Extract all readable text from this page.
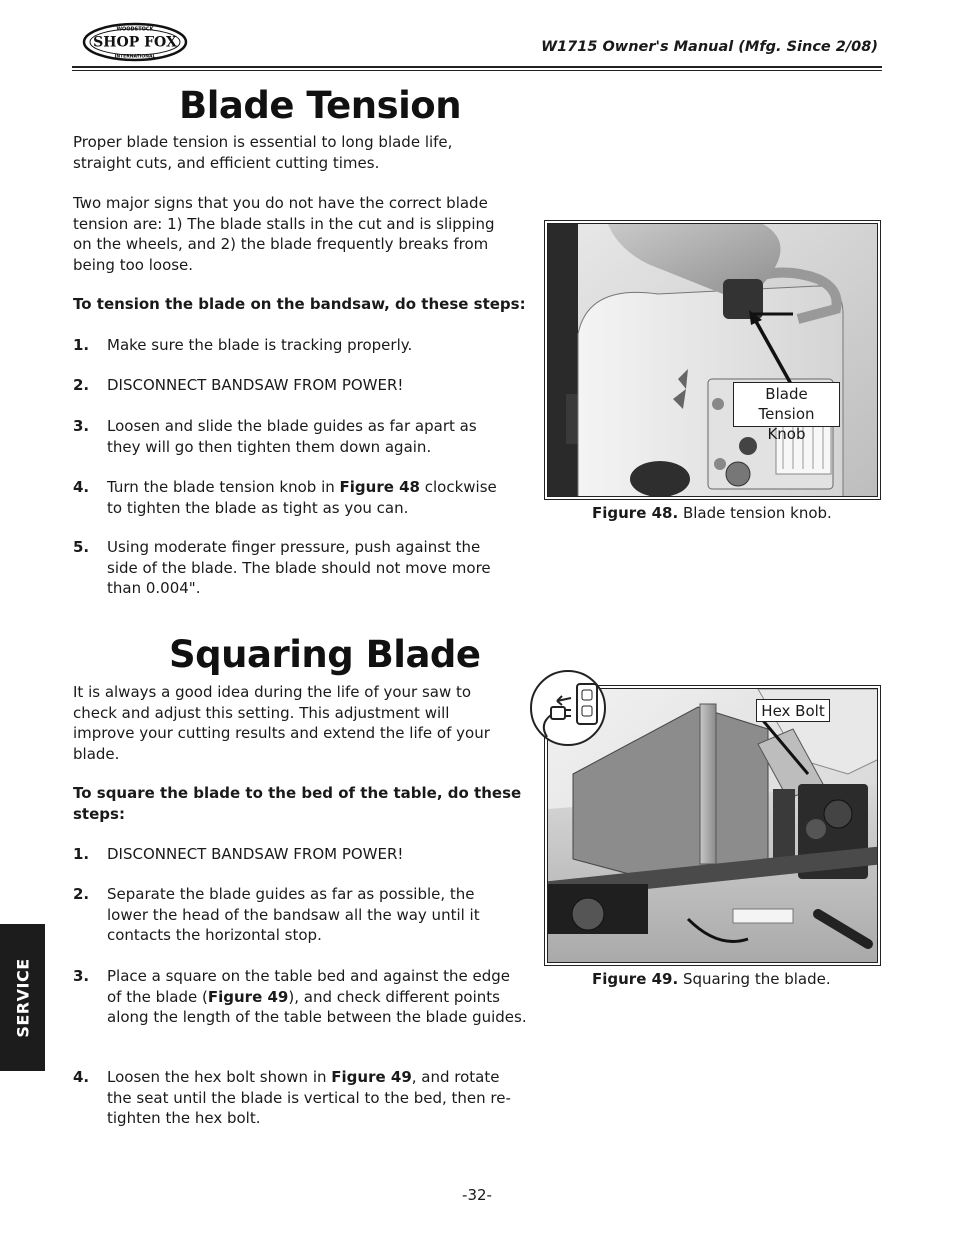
WOODSTOCK
SHOP FOX
INTERNATIONAL
W1715 Owner's Manual (Mfg. Since 2/08)
Blade Tension
Proper blade tension is essential to long blade life, straight cuts, and efficient cutting times.
Two major signs that you do not have the correct blade tension are: 1) The blade stalls in the cut and is slipping on the wheels, and 2) the blade frequently breaks from being too loose.
To tension the blade on the bandsaw, do these steps:
1. Make sure the blade is tracking properly.
2. DISCONNECT BANDSAW FROM POWER!
3. Loosen and slide the blade guides as far apart as they will go then tighten them down again.
4. Turn the blade tension knob in Figure 48 clockwise to tighten the blade as tight as you can.
5. Using moderate finger pressure, push against the side of the blade. The blade should not move more than 0.004".
Blade
Tension Knob
Figure 48. Blade tension knob.
Squaring Blade
It is always a good idea during the life of your saw to check and adjust this setting. This adjustment will improve your cutting results and extend the life of your blade.
To square the blade to the bed of the table, do these steps:
1. DISCONNECT BANDSAW FROM POWER!
2. Separate the blade guides as far as possible, the lower the head of the bandsaw all the way until it contacts the horizontal stop.
3. Place a square on the table bed and against the edge of the blade (Figure 49), and check different points along the length of the table between the blade guides.
4. Loosen the hex bolt shown in Figure 49, and rotate the seat until the blade is vertical to the bed, then re-tighten the hex bolt.
Hex Bolt
Figure 49. Squaring the blade.
SERVICE
-32-
